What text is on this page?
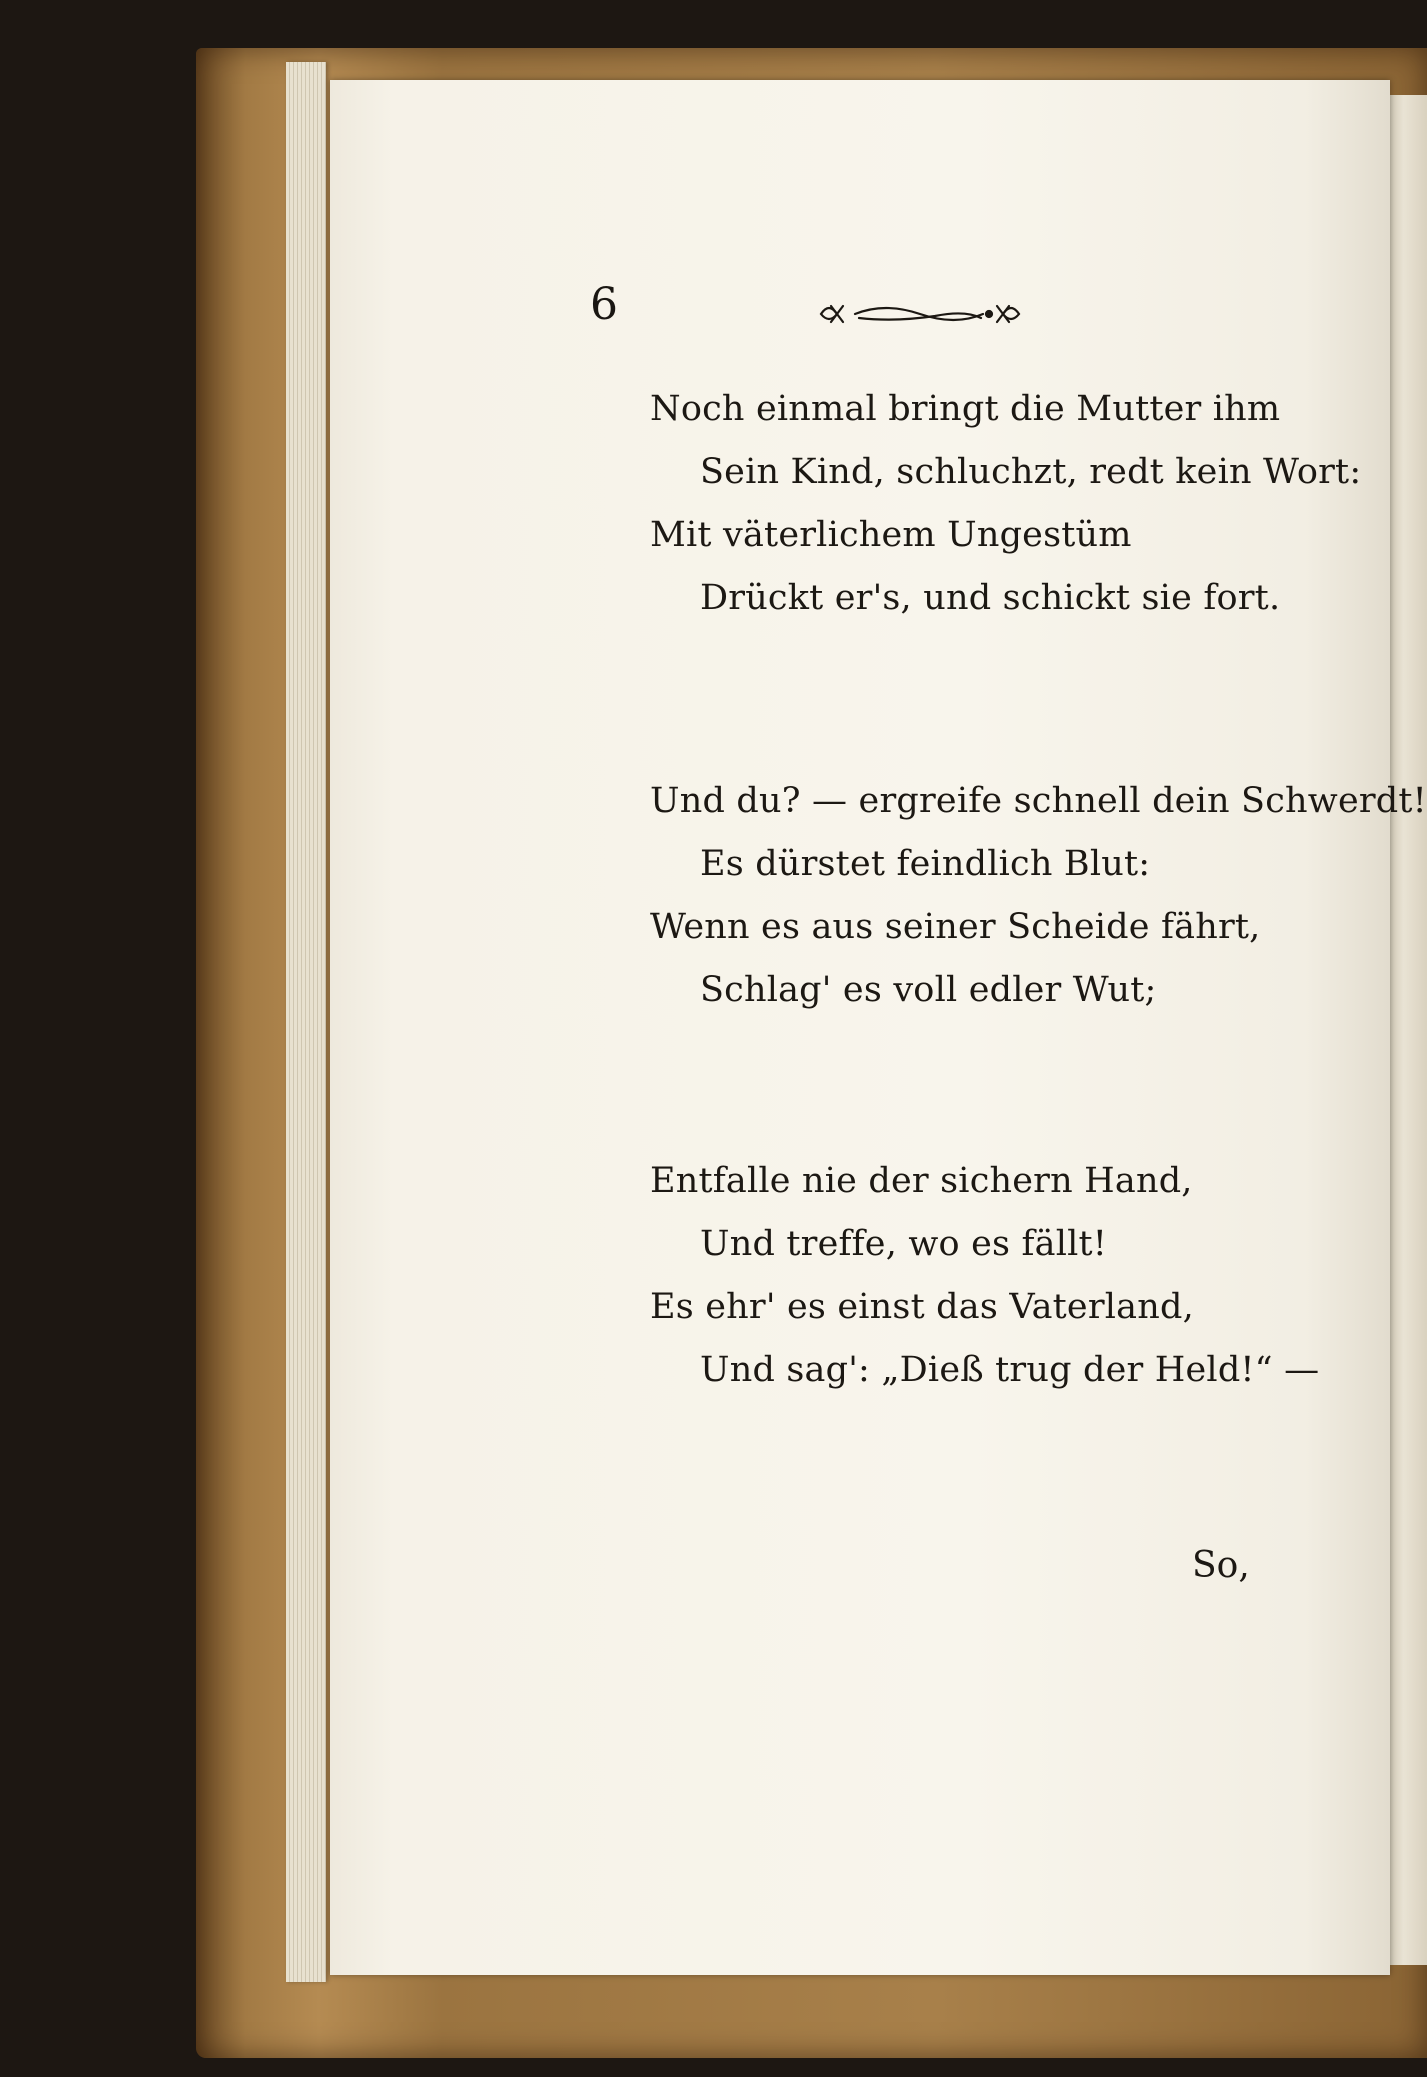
6
Noch einmal bringt die Mutter ihm
Sein Kind, schluchzt, redt kein Wort:
Mit väterlichem Ungestüm
Drückt er's, und schickt sie fort.
Und du? — ergreife schnell dein Schwerdt!
Es dürstet feindlich Blut:
Wenn es aus seiner Scheide fährt,
Schlag' es voll edler Wut;
Entfalle nie der sichern Hand,
Und treffe, wo es fällt!
Es ehr' es einst das Vaterland,
Und sag': „Dieß trug der Held!“ —
So,
